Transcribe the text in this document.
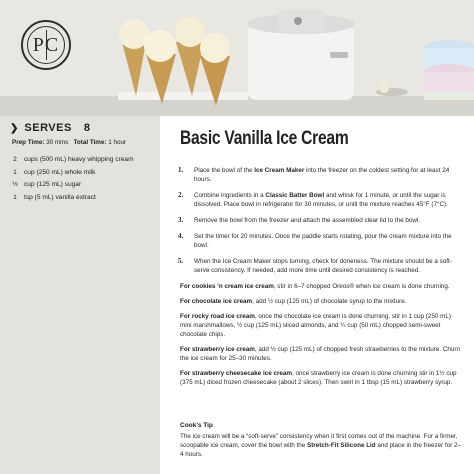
PC
❯ SERVES 8
Prep Time: 30 mins Total Time: 1 hour
2	cups (500 mL) heavy whipping cream
1	cup (250 mL) whole milk
½ cup (125 mL) sugar
1	tsp (5 mL) vanilla extract
Basic Vanilla Ice Cream
1.	Place the bowl of the Ice Cream Maker into the freezer on the coldest setting for at least 24 hours.
2.	Combine ingredients in a Classic Batter Bowl and whisk for 1 minute, or until the sugar is dissolved. Place bowl in refrigerator for 30 minutes, or until the mixture reaches 45°F (7°C).
3.	Remove the bowl from the freezer and attach the assembled clear lid to the bowl.
4.	Set the timer for 20 minutes. Once the paddle starts rotating, pour the cream mixture into the bowl.
5.	When the Ice Cream Maker stops turning, check for doneness. The mixture should be a soft-serve consistency. If needed, add more time until desired consistency is reached.

For cookies ‘n cream ice cream, stir in 6–7 chopped Oreos® when ice cream is done churning.

For chocolate ice cream, add ½ cup (125 mL) of chocolate syrup to the mixture.

For rocky road ice cream, once the chocolate ice cream is done churning, stir in 1 cup (250 mL) mini marshmallows, ½ cup (125 mL) sliced almonds, and ¼ cup (50 mL) chopped semi-sweet chocolate chips.

For strawberry ice cream, add ½ cup (125 mL) of chopped fresh strawberries to the mixture. Churn the ice cream for 25–30 minutes.

For strawberry cheesecake ice cream, once strawberry ice cream is done churning stir in 1½ cup (375 mL) diced frozen cheesecake (about 2 slices). Then swirl in 1 tbsp (15 mL) strawberry syrup.

Cook’s Tip

The ice cream will be a “soft-serve” consistency when it first comes out of the machine. For a firmer, scoopable ice cream, cover the bowl with the Stretch-Fit Silicone Lid and place in the freezer for 2–4 hours.
